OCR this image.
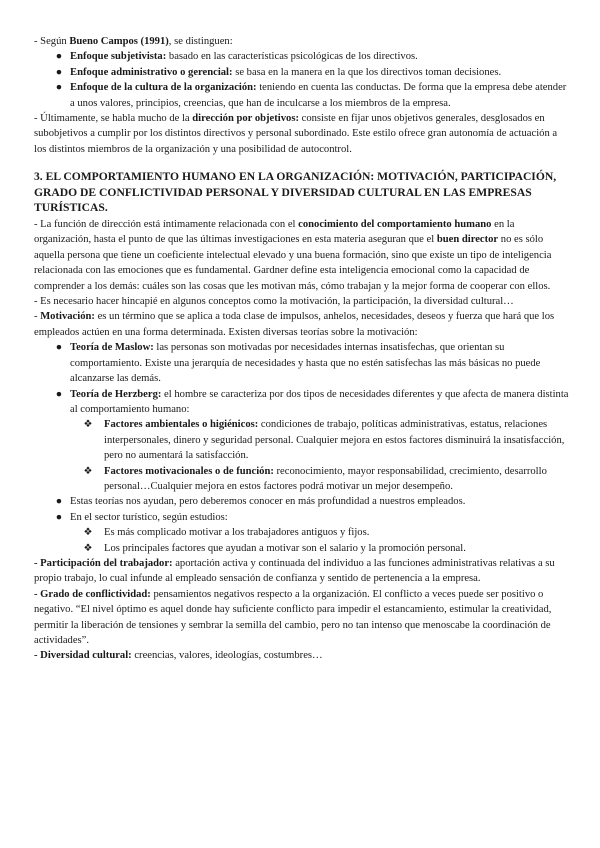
- Según Bueno Campos (1991), se distinguen:

● Enfoque subjetivista: basado en las características psicológicas de los directivos.
● Enfoque administrativo o gerencial: se basa en la manera en la que los directivos toman decisiones.
● Enfoque de la cultura de la organización: teniendo en cuenta las conductas. De forma que la empresa debe atender a unos valores, principios, creencias, que han de inculcarse a los miembros de la empresa.

- Últimamente, se habla mucho de la dirección por objetivos: consiste en fijar unos objetivos generales, desglosados en subobjetivos a cumplir por los distintos directivos y personal subordinado. Este estilo ofrece gran autonomía de actuación a los distintos miembros de la organización y una posibilidad de autocontrol.

3. EL COMPORTAMIENTO HUMANO EN LA ORGANIZACIÓN: MOTIVACIÓN, PARTICIPACIÓN, GRADO DE CONFLICTIVIDAD PERSONAL Y DIVERSIDAD CULTURAL EN LAS EMPRESAS TURÍSTICAS.

- La función de dirección está íntimamente relacionada con el conocimiento del comportamiento humano en la organización, hasta el punto de que las últimas investigaciones en esta materia aseguran que el buen director no es sólo aquella persona que tiene un coeficiente intelectual elevado y una buena formación, sino que existe un tipo de inteligencia relacionada con las emociones que es fundamental. Gardner define esta inteligencia emocional como la capacidad de comprender a los demás: cuáles son las cosas que les motivan más, cómo trabajan y la mejor forma de cooperar con ellos.

- Es necesario hacer hincapié en algunos conceptos como la motivación, la participación, la diversidad cultural…

- Motivación: es un término que se aplica a toda clase de impulsos, anhelos, necesidades, deseos y fuerza que hará que los empleados actúen en una forma determinada. Existen diversas teorías sobre la motivación:

● Teoría de Maslow: las personas son motivadas por necesidades internas insatisfechas, que orientan su comportamiento. Existe una jerarquía de necesidades y hasta que no estén satisfechas las más básicas no puede alcanzarse las demás.
● Teoría de Herzberg: el hombre se caracteriza por dos tipos de necesidades diferentes y que afecta de manera distinta al comportamiento humano:
❖ Factores ambientales o higiénicos: condiciones de trabajo, políticas administrativas, estatus, relaciones interpersonales, dinero y seguridad personal. Cualquier mejora en estos factores disminuirá la insatisfacción, pero no aumentará la satisfacción.
❖ Factores motivacionales o de función: reconocimiento, mayor responsabilidad, crecimiento, desarrollo personal…Cualquier mejora en estos factores podrá motivar un mejor desempeño.
● Estas teorías nos ayudan, pero deberemos conocer en más profundidad a nuestros empleados.
● En el sector turístico, según estudios:
❖ Es más complicado motivar a los trabajadores antiguos y fijos.
❖ Los principales factores que ayudan a motivar son el salario y la promoción personal.

- Participación del trabajador: aportación activa y continuada del individuo a las funciones administrativas relativas a su propio trabajo, lo cual infunde al empleado sensación de confianza y sentido de pertenencia a la empresa.

- Grado de conflictividad: pensamientos negativos respecto a la organización. El conflicto a veces puede ser positivo o negativo. “El nivel óptimo es aquel donde hay suficiente conflicto para impedir el estancamiento, estimular la creatividad, permitir la liberación de tensiones y sembrar la semilla del cambio, pero no tan intenso que menoscabe la coordinación de actividades”.

- Diversidad cultural: creencias, valores, ideologías, costumbres…
